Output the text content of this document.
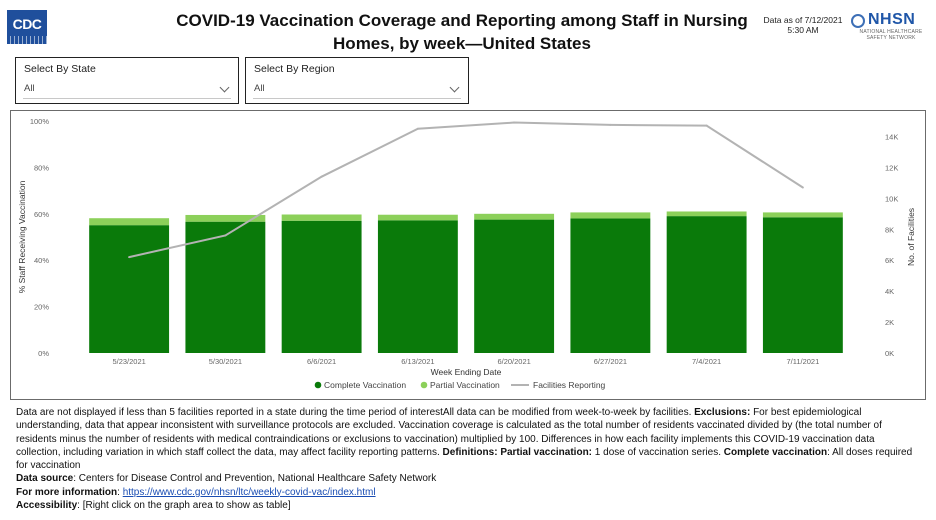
CDC	COVID-19 Vaccination Coverage and Reporting among Staff in Nursing Homes, by week—United States
Data as of 7/12/2021
5:30 AM
NHSN
NATIONAL HEALTHCARE SAFETY NETWORK
Select By State
All
Select By Region
All
0%
20%
40%
60%
80%
100%
0K
2K
4K
6K
8K
10K
12K
14K
% Staff Receiving Vaccination	No. of Facilities
5/23/2021	5/30/2021	6/6/2021	6/13/2021	6/20/2021	6/27/2021	7/4/2021	7/11/2021
Week Ending Date
Complete Vaccination	Partial Vaccination	Facilities Reporting

Data are not displayed if less than 5 facilities reported in a state during the time period of interestAll data can be modified from week-to-week by facilities. Exclusions: For best epidemiological understanding, data that appear inconsistent with surveillance protocols are excluded. Vaccination coverage is calculated as the total number of residents vaccinated divided by (the total number of residents minus the number of residents with medical contraindications or exclusions to vaccination) multiplied by 100. Differences in how each facility implements this COVID-19 vaccination data collection, including variation in which staff collect the data, may affect facility reporting patterns. Definitions: Partial vaccination: 1 dose of vaccination series. Complete vaccination: All doses required for vaccination

Data source: Centers for Disease Control and Prevention, National Healthcare Safety Network

For more information: https://www.cdc.gov/nhsn/ltc/weekly-covid-vac/index.html

Accessibility: [Right click on the graph area to show as table]
